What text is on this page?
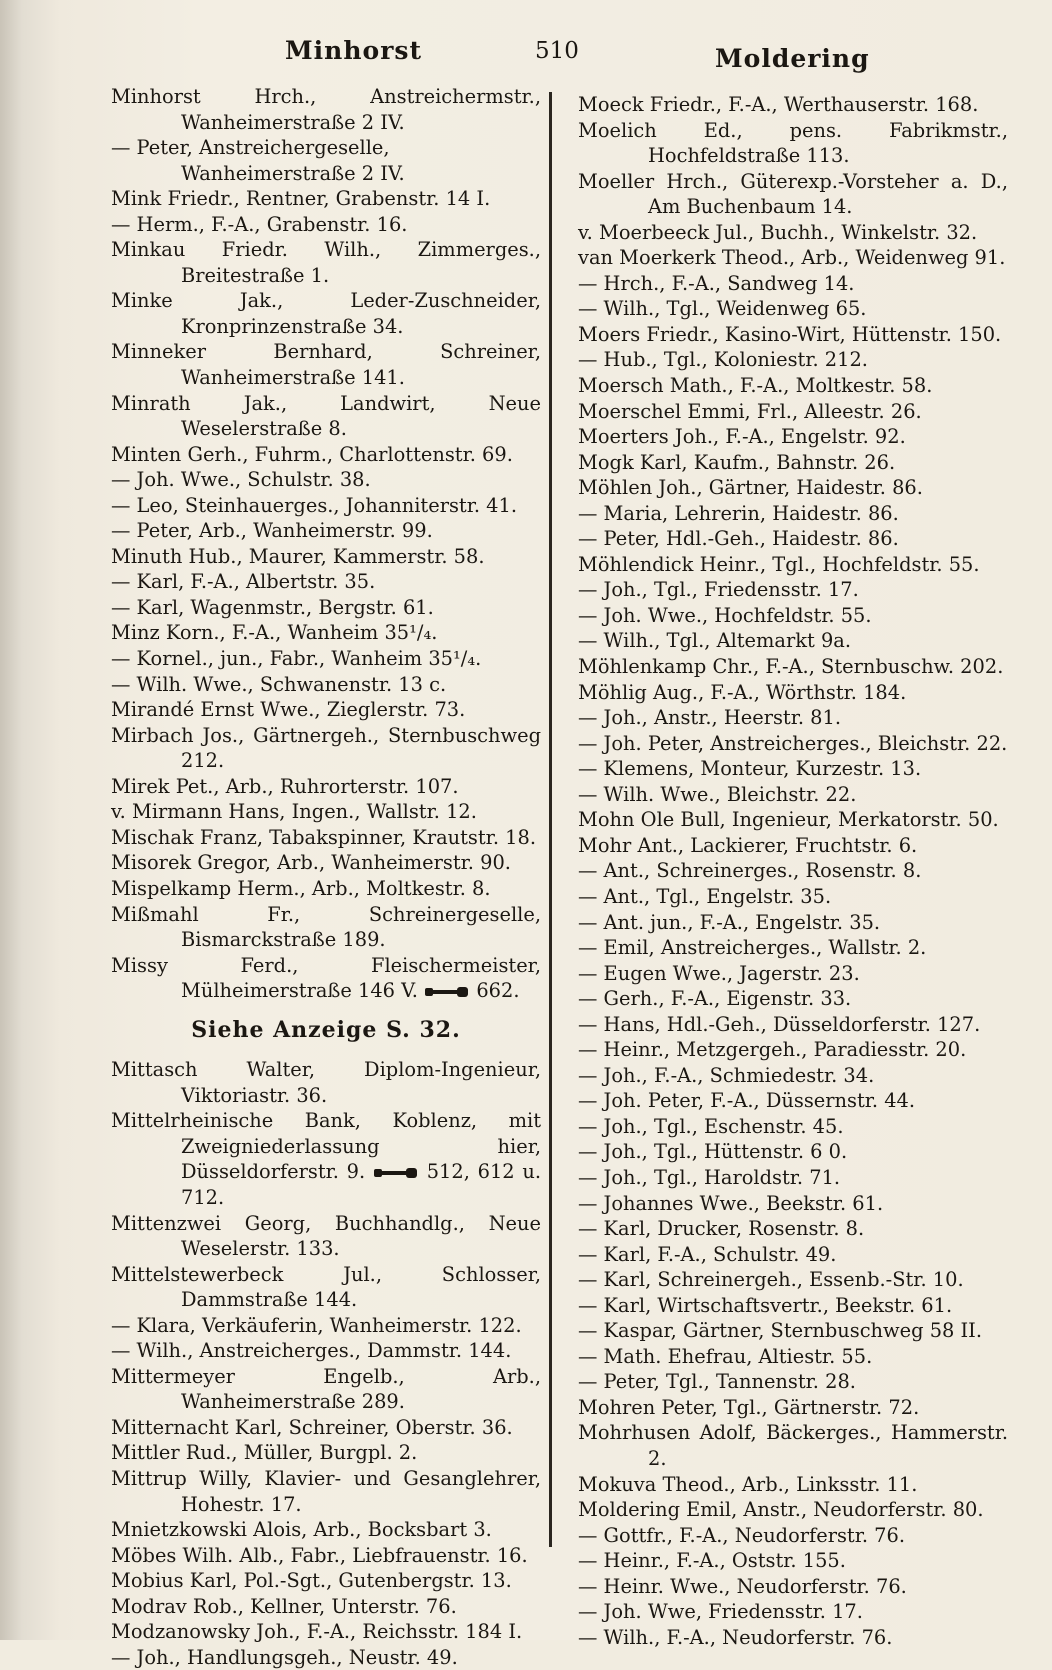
Minhorst	510	Moldering
Minhorst Hrch., Anstreichermstr., Wanheimerstraße 2 IV.
— Peter, Anstreichergeselle, Wanheimerstraße 2 IV.
Mink Friedr., Rentner, Grabenstr. 14 I.
— Herm., F.-A., Grabenstr. 16.
Minkau Friedr. Wilh., Zimmerges., Breitestraße 1.
Minke Jak., Leder-Zuschneider, Kronprinzenstraße 34.
Minneker Bernhard, Schreiner, Wanheimerstraße 141.
Minrath Jak., Landwirt, Neue Weselerstraße 8.
Minten Gerh., Fuhrm., Charlottenstr. 69.
— Joh. Wwe., Schulstr. 38.
— Leo, Steinhauerges., Johanniterstr. 41.
— Peter, Arb., Wanheimerstr. 99.
Minuth Hub., Maurer, Kammerstr. 58.
— Karl, F.-A., Albertstr. 35.
— Karl, Wagenmstr., Bergstr. 61.
Minz Korn., F.-A., Wanheim 35¹/₄.
— Kornel., jun., Fabr., Wanheim 35¹/₄.
— Wilh. Wwe., Schwanenstr. 13 c.
Mirandé Ernst Wwe., Zieglerstr. 73.
Mirbach Jos., Gärtnergeh., Sternbuschweg 212.
Mirek Pet., Arb., Ruhrorterstr. 107.
v. Mirmann Hans, Ingen., Wallstr. 12.
Mischak Franz, Tabakspinner, Krautstr. 18.
Misorek Gregor, Arb., Wanheimerstr. 90.
Mispelkamp Herm., Arb., Moltkestr. 8.
Mißmahl Fr., Schreinergeselle, Bismarckstraße 189.
Missy Ferd., Fleischermeister, Mülheimerstraße 146 V.	662.
Siehe Anzeige S. 32.
Mittasch Walter, Diplom-Ingenieur, Viktoriastr. 36.
Mittelrheinische Bank, Koblenz, mit Zweigniederlassung hier, Düsseldorferstr. 9.	512, 612 u. 712.
Mittenzwei Georg, Buchhandlg., Neue Weselerstr. 133.
Mittelstewerbeck Jul., Schlosser, Dammstraße 144.
— Klara, Verkäuferin, Wanheimerstr. 122.
— Wilh., Anstreicherges., Dammstr. 144.
Mittermeyer Engelb., Arb., Wanheimerstraße 289.
Mitternacht Karl, Schreiner, Oberstr. 36.
Mittler Rud., Müller, Burgpl. 2.
Mittrup Willy, Klavier- und Gesanglehrer, Hohestr. 17.
Mnietzkowski Alois, Arb., Bocksbart 3.
Möbes Wilh. Alb., Fabr., Liebfrauenstr. 16.
Mobius Karl, Pol.-Sgt., Gutenbergstr. 13.
Modrav Rob., Kellner, Unterstr. 76.
Modzanowsky Joh., F.-A., Reichsstr. 184 I.
— Joh., Handlungsgeh., Neustr. 49.
Moeck Friedr., F.-A., Werthauserstr. 168.
Moelich Ed., pens. Fabrikmstr., Hochfeldstraße 113.
Moeller Hrch., Güterexp.-Vorsteher a. D., Am Buchenbaum 14.
v. Moerbeeck Jul., Buchh., Winkelstr. 32.
van Moerkerk Theod., Arb., Weidenweg 91.
— Hrch., F.-A., Sandweg 14.
— Wilh., Tgl., Weidenweg 65.
Moers Friedr., Kasino-Wirt, Hüttenstr. 150.
— Hub., Tgl., Koloniestr. 212.
Moersch Math., F.-A., Moltkestr. 58.
Moerschel Emmi, Frl., Alleestr. 26.
Moerters Joh., F.-A., Engelstr. 92.
Mogk Karl, Kaufm., Bahnstr. 26.
Möhlen Joh., Gärtner, Haidestr. 86.
— Maria, Lehrerin, Haidestr. 86.
— Peter, Hdl.-Geh., Haidestr. 86.
Möhlendick Heinr., Tgl., Hochfeldstr. 55.
— Joh., Tgl., Friedensstr. 17.
— Joh. Wwe., Hochfeldstr. 55.
— Wilh., Tgl., Altemarkt 9a.
Möhlenkamp Chr., F.-A., Sternbuschw. 202.
Möhlig Aug., F.-A., Wörthstr. 184.
— Joh., Anstr., Heerstr. 81.
— Joh. Peter, Anstreicherges., Bleichstr. 22.
— Klemens, Monteur, Kurzestr. 13.
— Wilh. Wwe., Bleichstr. 22.
Mohn Ole Bull, Ingenieur, Merkatorstr. 50.
Mohr Ant., Lackierer, Fruchtstr. 6.
— Ant., Schreinerges., Rosenstr. 8.
— Ant., Tgl., Engelstr. 35.
— Ant. jun., F.-A., Engelstr. 35.
— Emil, Anstreicherges., Wallstr. 2.
— Eugen Wwe., Jagerstr. 23.
— Gerh., F.-A., Eigenstr. 33.
— Hans, Hdl.-Geh., Düsseldorferstr. 127.
— Heinr., Metzgergeh., Paradiesstr. 20.
— Joh., F.-A., Schmiedestr. 34.
— Joh. Peter, F.-A., Düssernstr. 44.
— Joh., Tgl., Eschenstr. 45.
— Joh., Tgl., Hüttenstr. 6 0.
— Joh., Tgl., Haroldstr. 71.
— Johannes Wwe., Beekstr. 61.
— Karl, Drucker, Rosenstr. 8.
— Karl, F.-A., Schulstr. 49.
— Karl, Schreinergeh., Essenb.-Str. 10.
— Karl, Wirtschaftsvertr., Beekstr. 61.
— Kaspar, Gärtner, Sternbuschweg 58 II.
— Math. Ehefrau, Altiestr. 55.
— Peter, Tgl., Tannenstr. 28.
Mohren Peter, Tgl., Gärtnerstr. 72.
Mohrhusen Adolf, Bäckerges., Hammerstr. 2.
Mokuva Theod., Arb., Linksstr. 11.
Moldering Emil, Anstr., Neudorferstr. 80.
— Gottfr., F.-A., Neudorferstr. 76.
— Heinr., F.-A., Oststr. 155.
— Heinr. Wwe., Neudorferstr. 76.
— Joh. Wwe, Friedensstr. 17.
— Wilh., F.-A., Neudorferstr. 76.
